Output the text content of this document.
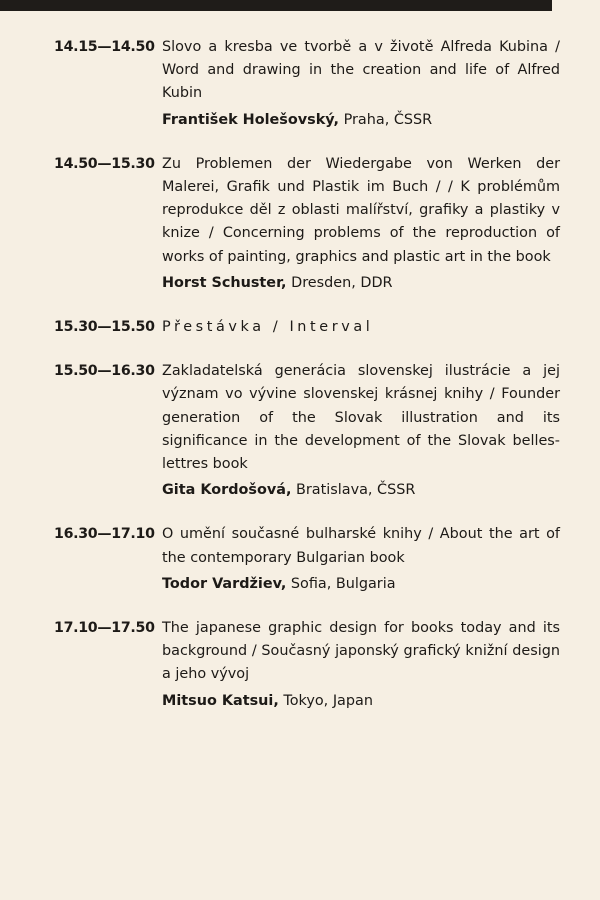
14.15—14.50 Slovo a kresba ve tvorbě a v životě Alfreda Kubina / Word and drawing in the creation and life of Alfred Kubin

František Holešovský, Praha, ČSSR
14.50—15.30 Zu Problemen der Wiedergabe von Werken der Malerei, Grafik und Plastik im Buch / / K problémům reprodukce děl z oblasti malířství, grafiky a plastiky v knize / Concerning problems of the reproduction of works of painting, graphics and plastic art in the book

Horst Schuster, Dresden, DDR
15.30—15.50 Přestávka / Interval

15.50—16.30 Zakladatelská generácia slovenskej ilustrácie a jej význam vo vývine slovenskej krásnej knihy / Founder generation of the Slovak illustration and its significance in the development of the Slovak belles-lettres book

Gita Kordošová, Bratislava, ČSSR
16.30—17.10 O umění současné bulharské knihy / About the art of the contemporary Bulgarian book

Todor Vardžiev, Sofia, Bulgaria
17.10—17.50 The japanese graphic design for books today and its background / Současný japonský grafický knižní design a jeho vývoj

Mitsuo Katsui, Tokyo, Japan
